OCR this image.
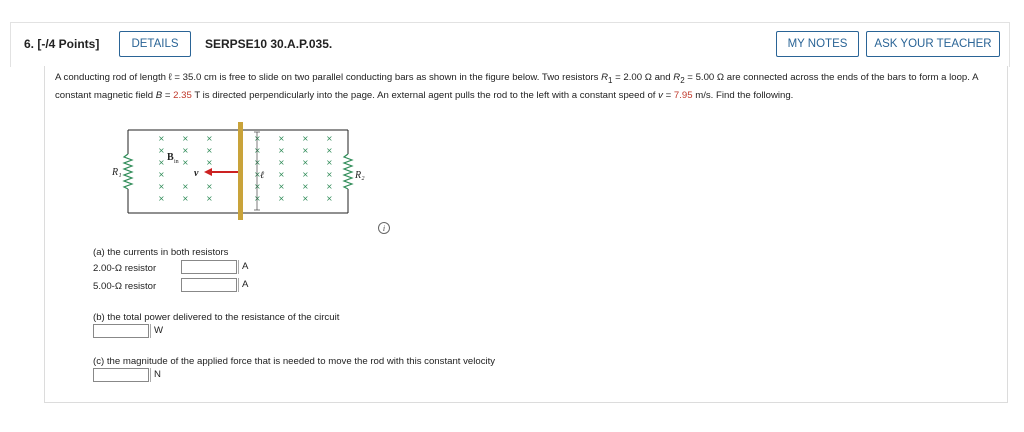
6. [-/4 Points]	DETAILS	SERPSE10 30.A.P.035.	MY NOTES	ASK YOUR TEACHER
A conducting rod of length ℓ = 35.0 cm is free to slide on two parallel conducting bars as shown in the figure below. Two resistors $R_1 = 2.00$ Ω and $R_2 = 5.00$ Ω are connected across the ends of the bars to form a loop. A constant magnetic field B = 2.35 T is directed perpendicularly into the page. An external agent pulls the rod to the left with a constant speed of v = 7.95 m/s. Find the following.
× × ×	× × × ×
× × ×	× × × ×
× × ×	× × × ×
×	× × × ×
× × ×	× × × ×
× × ×	× × × ×
R₁	R₂
B in
v	ℓ
i
(a) the currents in both resistors
2.00-Ω resistor	A
5.00-Ω resistor	A
(b) the total power delivered to the resistance of the circuit
W
(c) the magnitude of the applied force that is needed to move the rod with this constant velocity
N
